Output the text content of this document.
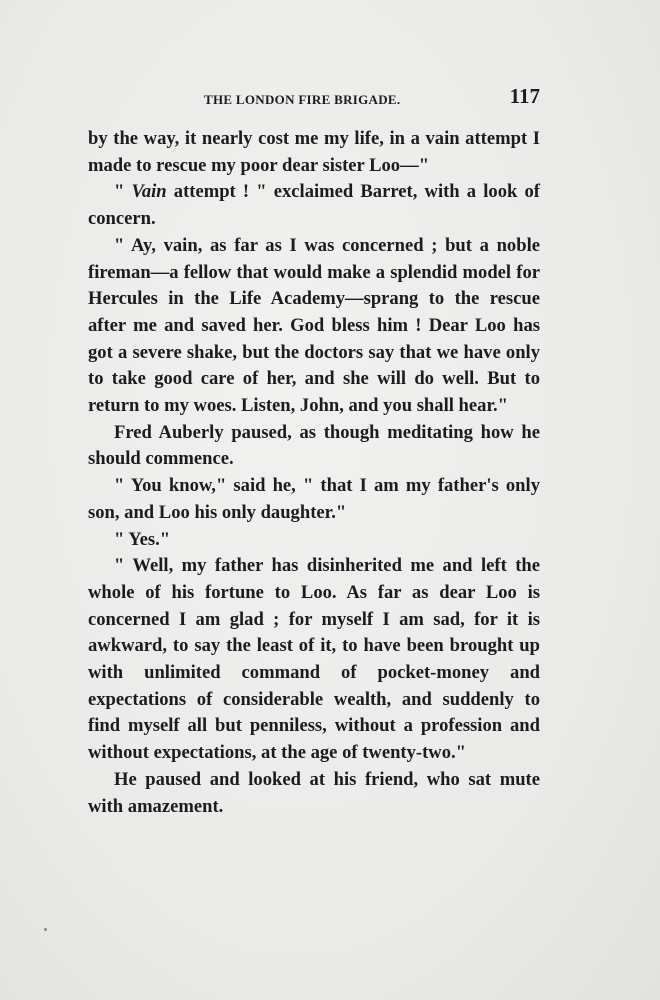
THE LONDON FIRE BRIGADE.	117

by the way, it nearly cost me my life, in a vain attempt I made to rescue my poor dear sister Loo—"

" Vain attempt ! " exclaimed Barret, with a look of concern.

" Ay, vain, as far as I was concerned ; but a noble fireman—a fellow that would make a splendid model for Hercules in the Life Academy—sprang to the rescue after me and saved her. God bless him ! Dear Loo has got a severe shake, but the doctors say that we have only to take good care of her, and she will do well. But to return to my woes. Listen, John, and you shall hear."

Fred Auberly paused, as though meditating how he should commence.

" You know," said he, " that I am my father's only son, and Loo his only daughter."

" Yes."

" Well, my father has disinherited me and left the whole of his fortune to Loo. As far as dear Loo is concerned I am glad ; for myself I am sad, for it is awkward, to say the least of it, to have been brought up with unlimited command of pocket-money and expectations of considerable wealth, and suddenly to find myself all but penniless, without a profession and without expectations, at the age of twenty-two."

He paused and looked at his friend, who sat mute with amazement.
